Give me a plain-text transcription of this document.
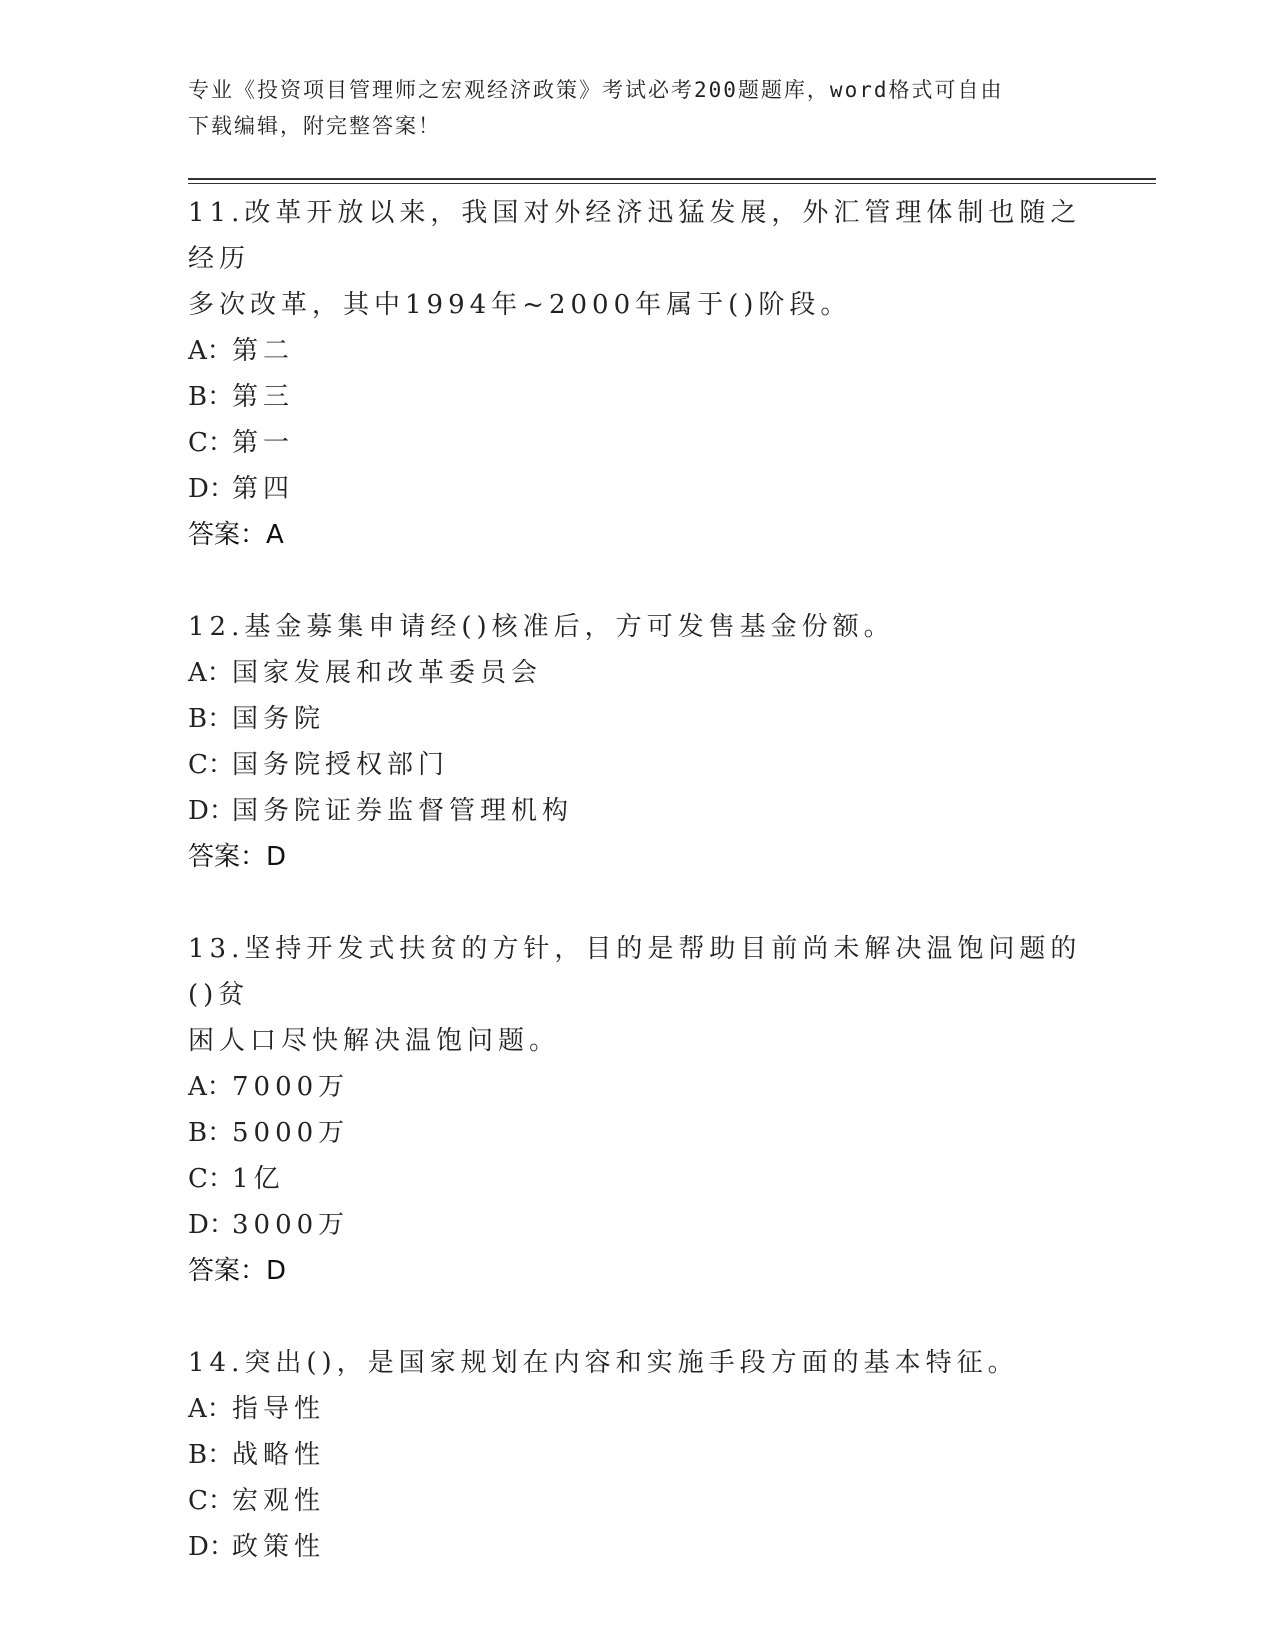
专业《投资项目管理师之宏观经济政策》考试必考200题题库，word格式可自由
下载编辑，附完整答案！

11.改革开放以来，我国对外经济迅猛发展，外汇管理体制也随之经历
多次改革，其中1994年~2000年属于()阶段。

A：第二

B：第三

C：第一

D：第四

答案：A

12.基金募集申请经()核准后，方可发售基金份额。

A：国家发展和改革委员会

B：国务院

C：国务院授权部门

D：国务院证券监督管理机构

答案：D

13.坚持开发式扶贫的方针，目的是帮助目前尚未解决温饱问题的()贫
困人口尽快解决温饱问题。

A：7000万

B：5000万

C：1亿

D：3000万

答案：D

14.突出()，是国家规划在内容和实施手段方面的基本特征。

A：指导性

B：战略性

C：宏观性

D：政策性
